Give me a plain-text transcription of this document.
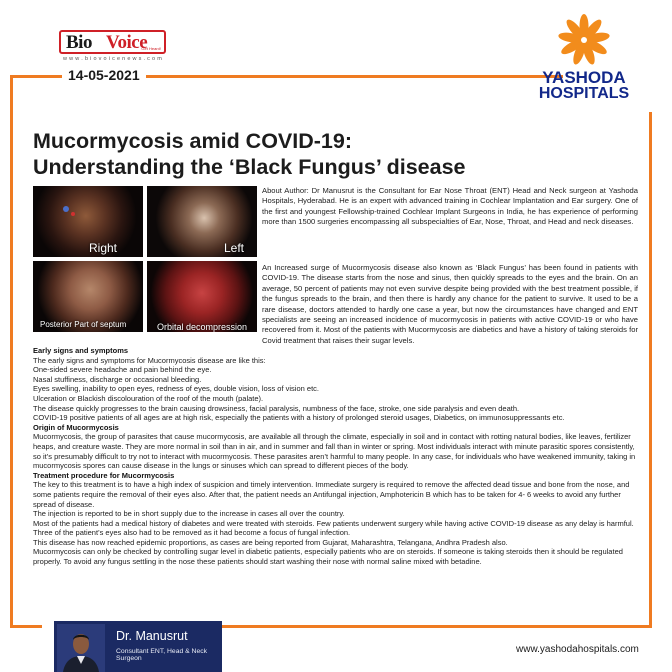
Bio Voice
Get Heard!
w w w . b i o v o i c e n e w s . c o m
14-05-2021	YASHODA
HOSPITALS
Mucormycosis amid COVID-19:
Understanding the ‘Black Fungus’ disease
Right	Left
Posterior Part of septum	Orbital decompression

About Author: Dr Manusrut is the Consultant for Ear Nose Throat (ENT) Head and Neck surgeon at Yashoda Hospitals, Hyderabad. He is an expert with advanced training in Cochlear Implantation and Ear surgery. One of the first and youngest Fellowship-trained Cochlear Implant Surgeons in India, he has experience of performing more than 1500 surgeries encompassing all subspecialties of Ear, Nose, Throat, and Head and neck diseases.

An Increased surge of Mucormycosis disease also known as ‘Black Fungus’ has been found in patients with COVID-19. The disease starts from the nose and sinus, then quickly spreads to the eyes and the brain. On an average, 50 percent of patients may not even survive despite being provided with the best treatment possible, if the fungus spreads to the brain, and then there is hardly any chance for the patient to survive. It used to be a rare disease, doctors attended to hardly one case a year, but now the circumstances have changed and ENT specialists are seeing an increased incidence of mucormycosis in patients with active COVID-19 or who have recovered from it. Most of the patients with Mucormycosis are diabetics and have a history of taking steroids for Covid treatment that raises their sugar levels.

Early signs and symptoms
The early signs and symptoms for Mucormycosis disease are like this:
One-sided severe headache and pain behind the eye.
Nasal stuffiness, discharge or occasional bleeding.
Eyes swelling, inability to open eyes, redness of eyes, double vision, loss of vision etc.
Ulceration or Blackish discolouration of the roof of the mouth (palate).
The disease quickly progresses to the brain causing drowsiness, facial paralysis, numbness of the face, stroke, one side paralysis and even death.
COVID-19 positive patients of all ages are at high risk, especially the patients with a history of prolonged steroid usages, Diabetics, on immunosuppressants etc.
Origin of Mucormycosis
Mucormycosis, the group of parasites that cause mucormycosis, are available all through the climate, especially in soil and in contact with rotting natural bodies, like leaves, fertilizer heaps, and creature waste. They are more normal in soil than in air, and in summer and fall than in winter or spring. Most individuals interact with minute parasitic spores consistently, so it’s presumably difficult to try not to interact with mucormycosis. These parasites aren’t harmful to many people. In any case, for individuals who have weakened immunity, taking in mucormycosis spores can cause disease in the lungs or sinuses which can spread to different pieces of the body.
Treatment procedure for Mucormycosis
The key to this treatment is to have a high index of suspicion and timely intervention. Immediate surgery is required to remove the affected dead tissue and bone from the nose, and some patients require the removal of their eyes also. After that, the patient needs an Antifungal injection, Amphotericin B which has to be taken for 4- 6 weeks to avoid any further spread of disease.
The injection is reported to be in short supply due to the increase in cases all over the country.
Most of the patients had a medical history of diabetes and were treated with steroids. Few patients underwent surgery while having active COVID-19 disease as any delay is harmful. Three of the patient’s eyes also had to be removed as it had become a focus of fungal infection.
This disease has now reached epidemic proportions, as cases are being reported from Gujarat, Maharashtra, Telangana, Andhra Pradesh also.
Mucormycosis can only be checked by controlling sugar level in diabetic patients, especially patients who are on steroids. If someone is taking steroids then it should be regulated properly. To avoid any fungus settling in the nose these patients should start washing their nose with normal saline mixed with betadine.
Dr. Manusrut
Consultant ENT, Head & Neck Surgeon
www.yashodahospitals.com
